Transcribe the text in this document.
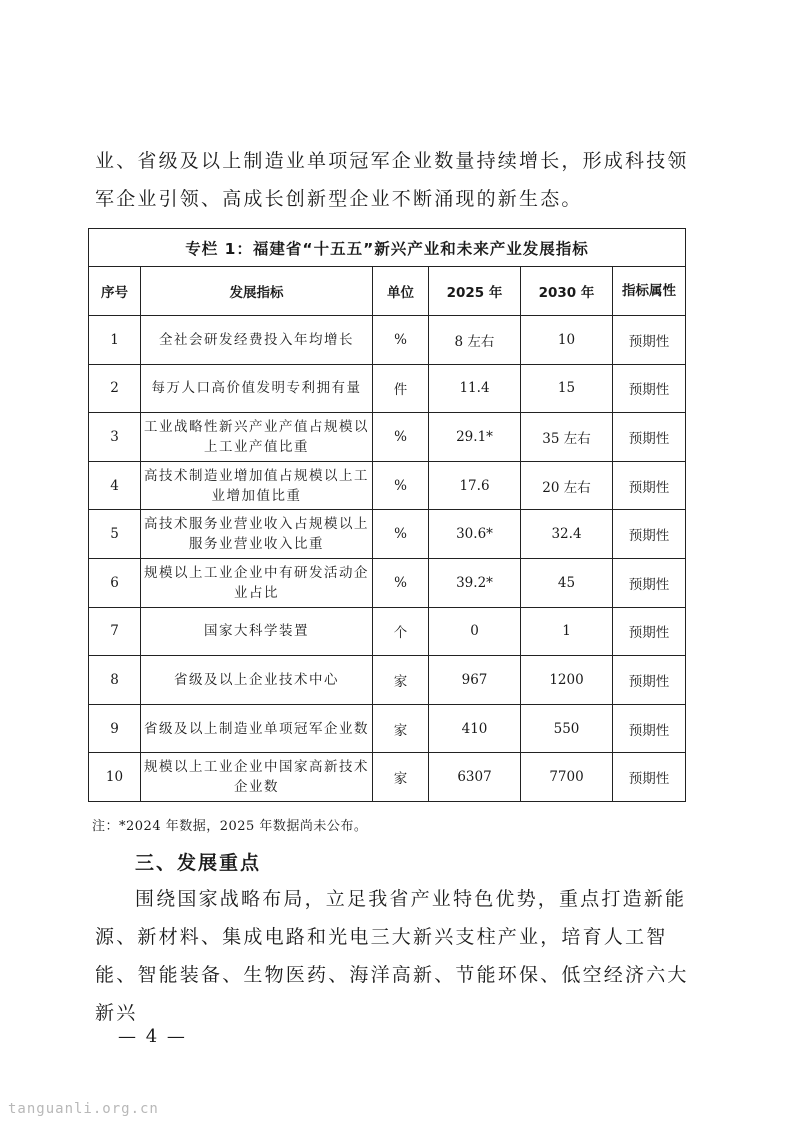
业、省级及以上制造业单项冠军企业数量持续增长，形成科技领军企业引领、高成长创新型企业不断涌现的新生态。
专栏 1：福建省“十五五”新兴产业和未来产业发展指标					
序号	发展指标	单位	2025 年	2030 年	指标属性
1	全社会研发经费投入年均增长	%	8 左右	10	预期性
2	每万人口高价值发明专利拥有量	件	11.4	15	预期性
3	工业战略性新兴产业产值占规模以上工业产值比重	%	29.1*	35 左右	预期性
4	高技术制造业增加值占规模以上工业增加值比重	%	17.6	20 左右	预期性
5	高技术服务业营业收入占规模以上服务业营业收入比重	%	30.6*	32.4	预期性
6	规模以上工业企业中有研发活动企业占比	%	39.2*	45	预期性
7	国家大科学装置	个	0	1	预期性
8	省级及以上企业技术中心	家	967	1200	预期性
9	省级及以上制造业单项冠军企业数	家	410	550	预期性
10	规模以上工业企业中国家高新技术企业数	家	6307	7700	预期性
注：*2024 年数据，2025 年数据尚未公布。
三、发展重点
围绕国家战略布局，立足我省产业特色优势，重点打造新能源、新材料、集成电路和光电三大新兴支柱产业，培育人工智能、智能装备、生物医药、海洋高新、节能环保、低空经济六大新兴
— 4 —
tanguanli.org.cn
